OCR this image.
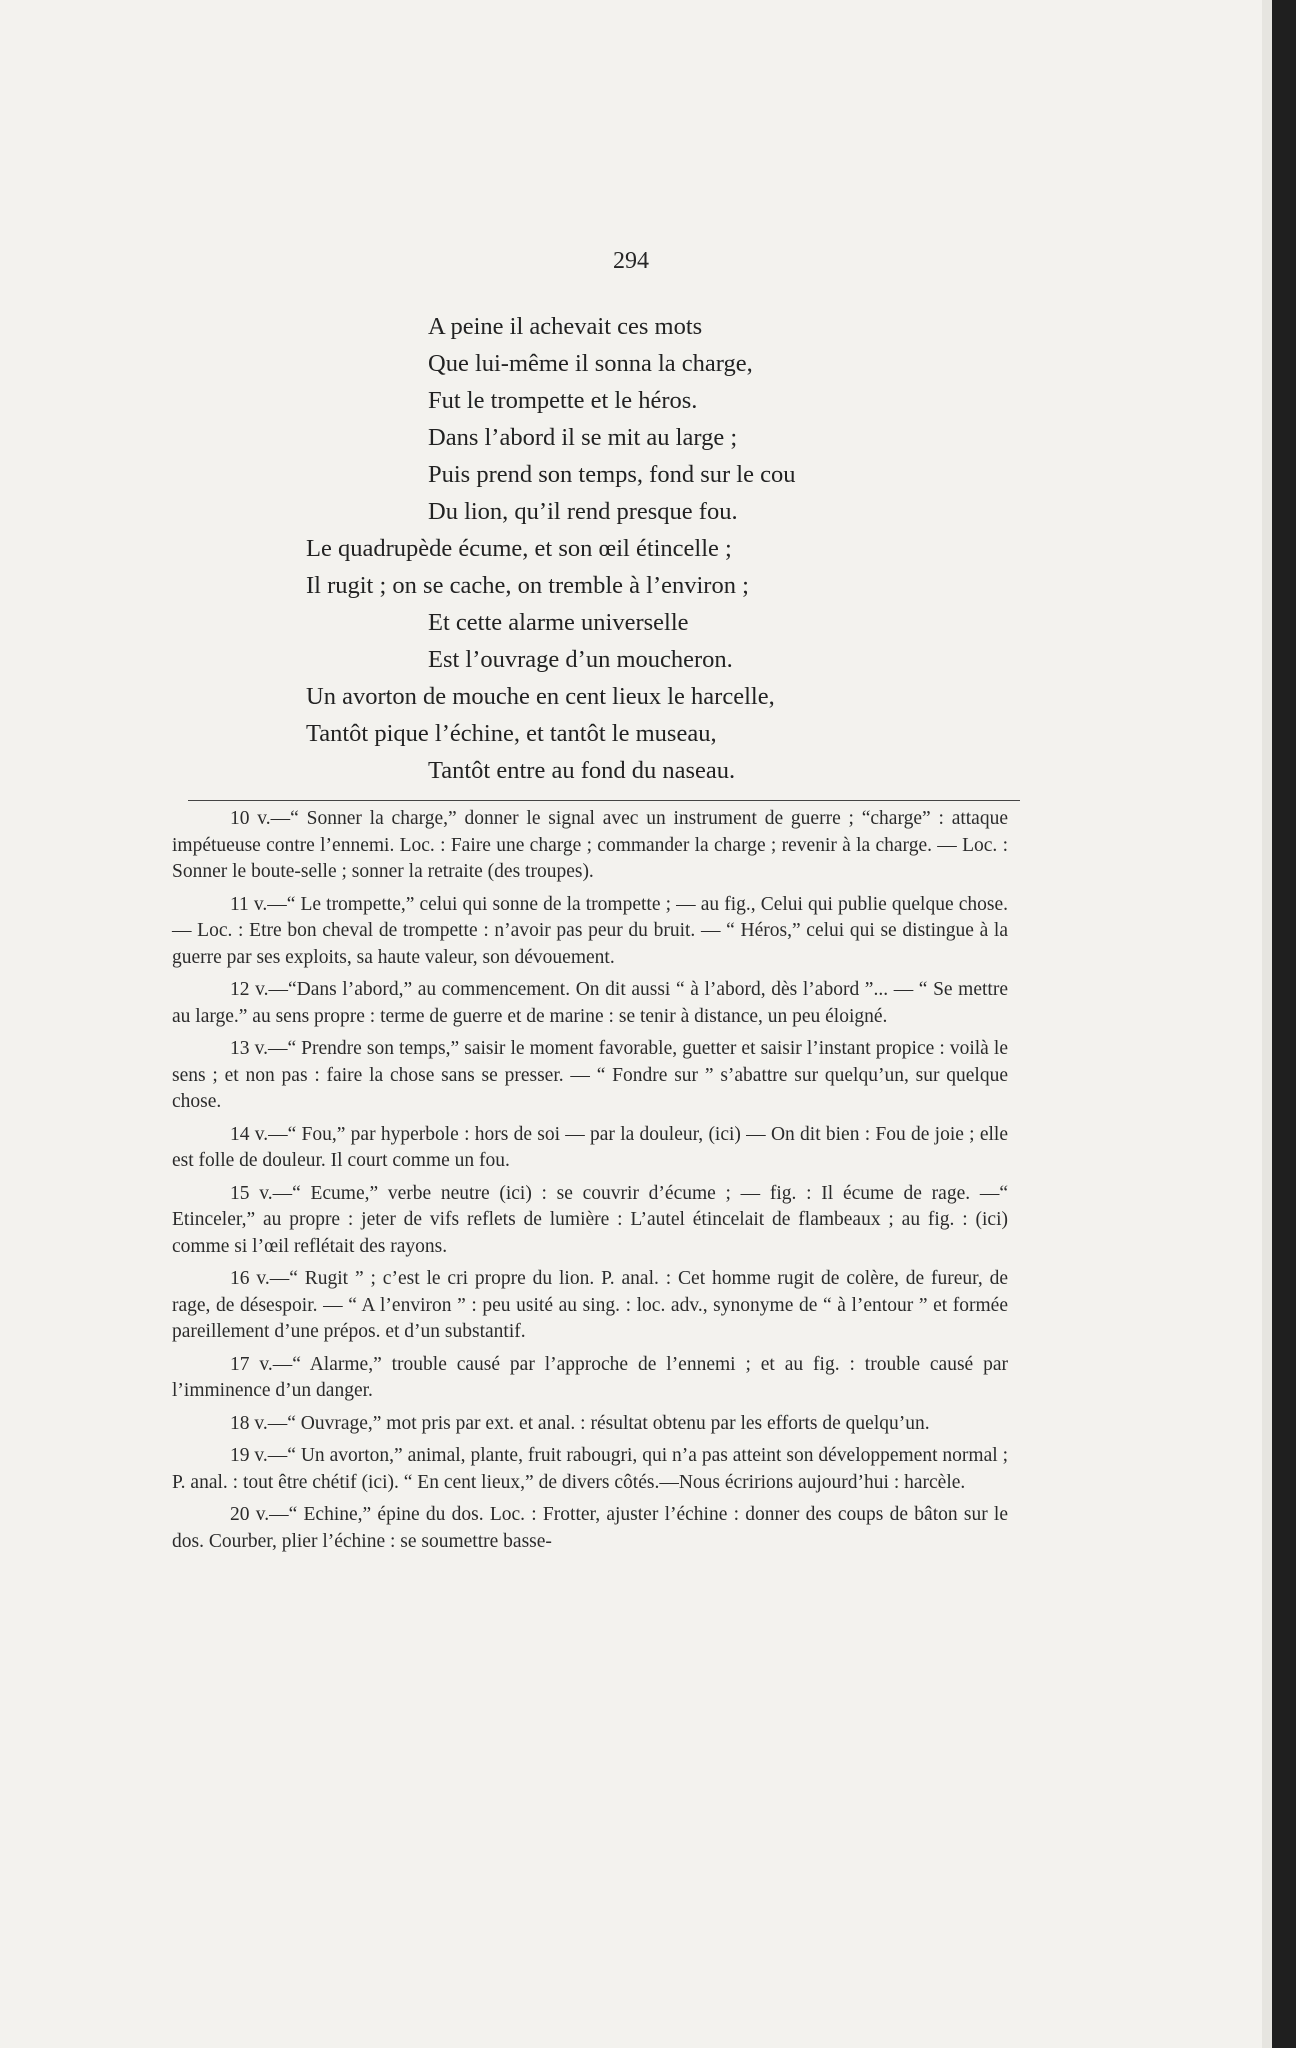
294
A peine il achevait ces mots
Que lui-même il sonna la charge,
Fut le trompette et le héros.
Dans l’abord il se mit au large ;
Puis prend son temps, fond sur le cou
Du lion, qu’il rend presque fou.
Le quadrupède écume, et son œil étincelle ;
Il rugit ; on se cache, on tremble à l’environ ;
Et cette alarme universelle
Est l’ouvrage d’un moucheron.
Un avorton de mouche en cent lieux le harcelle,
Tantôt pique l’échine, et tantôt le museau,
Tantôt entre au fond du naseau.

10 v.—“ Sonner la charge,” donner le signal avec un instrument de guerre ; “charge” : attaque impétueuse contre l’ennemi. Loc. : Faire une charge ; commander la charge ; revenir à la charge. — Loc. : Sonner le boute-selle ; sonner la retraite (des troupes).

11 v.—“ Le trompette,” celui qui sonne de la trompette ; — au fig., Celui qui publie quelque chose. — Loc. : Etre bon cheval de trompette : n’avoir pas peur du bruit. — “ Héros,” celui qui se distingue à la guerre par ses exploits, sa haute valeur, son dévouement.

12 v.—“Dans l’abord,” au commencement. On dit aussi “ à l’abord, dès l’abord ”... — “ Se mettre au large.” au sens propre : terme de guerre et de marine : se tenir à distance, un peu éloigné.

13 v.—“ Prendre son temps,” saisir le moment favorable, guetter et saisir l’instant propice : voilà le sens ; et non pas : faire la chose sans se presser. — “ Fondre sur ” s’abattre sur quelqu’un, sur quelque chose.

14 v.—“ Fou,” par hyperbole : hors de soi — par la douleur, (ici) — On dit bien : Fou de joie ; elle est folle de douleur. Il court comme un fou.

15 v.—“ Ecume,” verbe neutre (ici) : se couvrir d’écume ; — fig. : Il écume de rage. —“ Etinceler,” au propre : jeter de vifs reflets de lumière : L’autel étincelait de flambeaux ; au fig. : (ici) comme si l’œil reflétait des rayons.

16 v.—“ Rugit ” ; c’est le cri propre du lion. P. anal. : Cet homme rugit de colère, de fureur, de rage, de désespoir. — “ A l’environ ” : peu usité au sing. : loc. adv., synonyme de “ à l’entour ” et formée pareillement d’une prépos. et d’un substantif.

17 v.—“ Alarme,” trouble causé par l’approche de l’ennemi ; et au fig. : trouble causé par l’imminence d’un danger.

18 v.—“ Ouvrage,” mot pris par ext. et anal. : résultat obtenu par les efforts de quelqu’un.

19 v.—“ Un avorton,” animal, plante, fruit rabougri, qui n’a pas atteint son développement normal ; P. anal. : tout être chétif (ici). “ En cent lieux,” de divers côtés.—Nous écririons aujourd’hui : harcèle.

20 v.—“ Echine,” épine du dos. Loc. : Frotter, ajuster l’échine : donner des coups de bâton sur le dos. Courber, plier l’échine : se soumettre basse-
